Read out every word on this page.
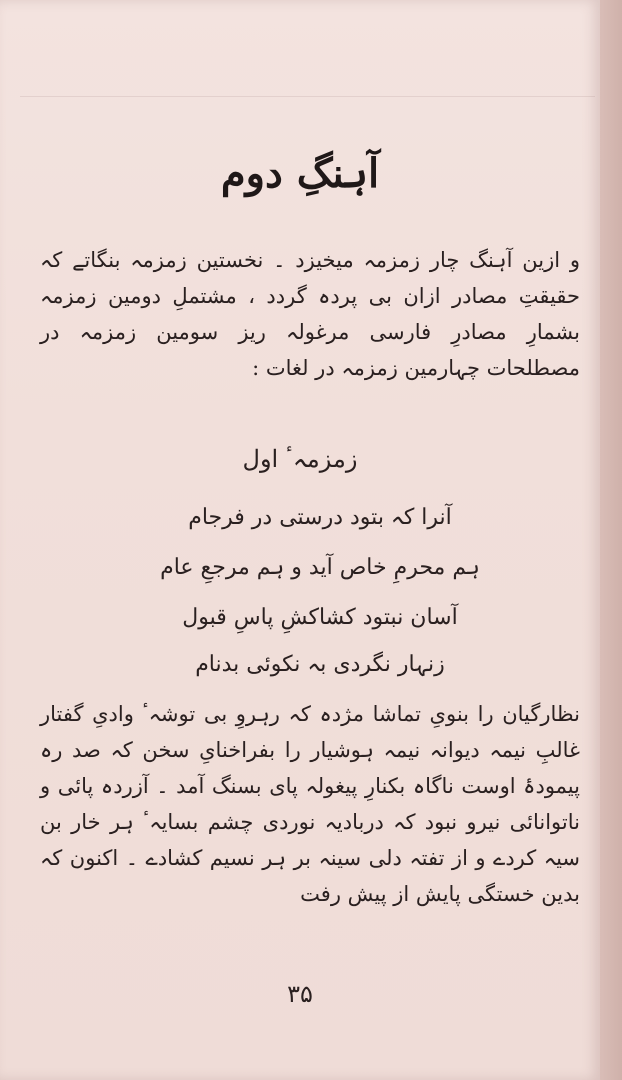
آہنگِ دوم
و ازین آہنگ چار زمزمہ میخیزد ۔ نخستین زمزمہ بنگاتے کہ حقیقتِ مصادر ازان بی پردہ گردد ، مشتملِ دومین زمزمہ بشمارِ مصادرِ فارسی مرغولہ ریز سومین زمزمہ در مصطلحات چہارمین زمزمہ در لغات :
زمزمہٴ اول
آنرا کہ بتود درستی در فرجام
ہم محرمِ خاص آید و ہم مرجعِ عام
آسان نبتود کشاکشِ پاسِ قبول
زنہار نگردی بہ نکوئی بدنام
نظارگیان را بنویِ تماشا مژدہ کہ رہروِ بی توشہٴ وادیِ گفتار غالبِ نیمہ دیوانہ نیمہ ہوشیار را بفراخنایِ سخن کہ صد رہ پیمودۂ اوست ناگاہ بکنارِ پیغولہ پای بسنگ آمد ۔ آزردہ پائی و ناتوانائی نیرو نبود کہ دربادیہ نوردی چشم بسایہٴ ہر خار بن سیہ کردے و از تفتہ دلی سینہ بر ہر نسیم کشادے ۔ اکنون کہ بدین خستگی پایش از پیش رفت
۳۵
